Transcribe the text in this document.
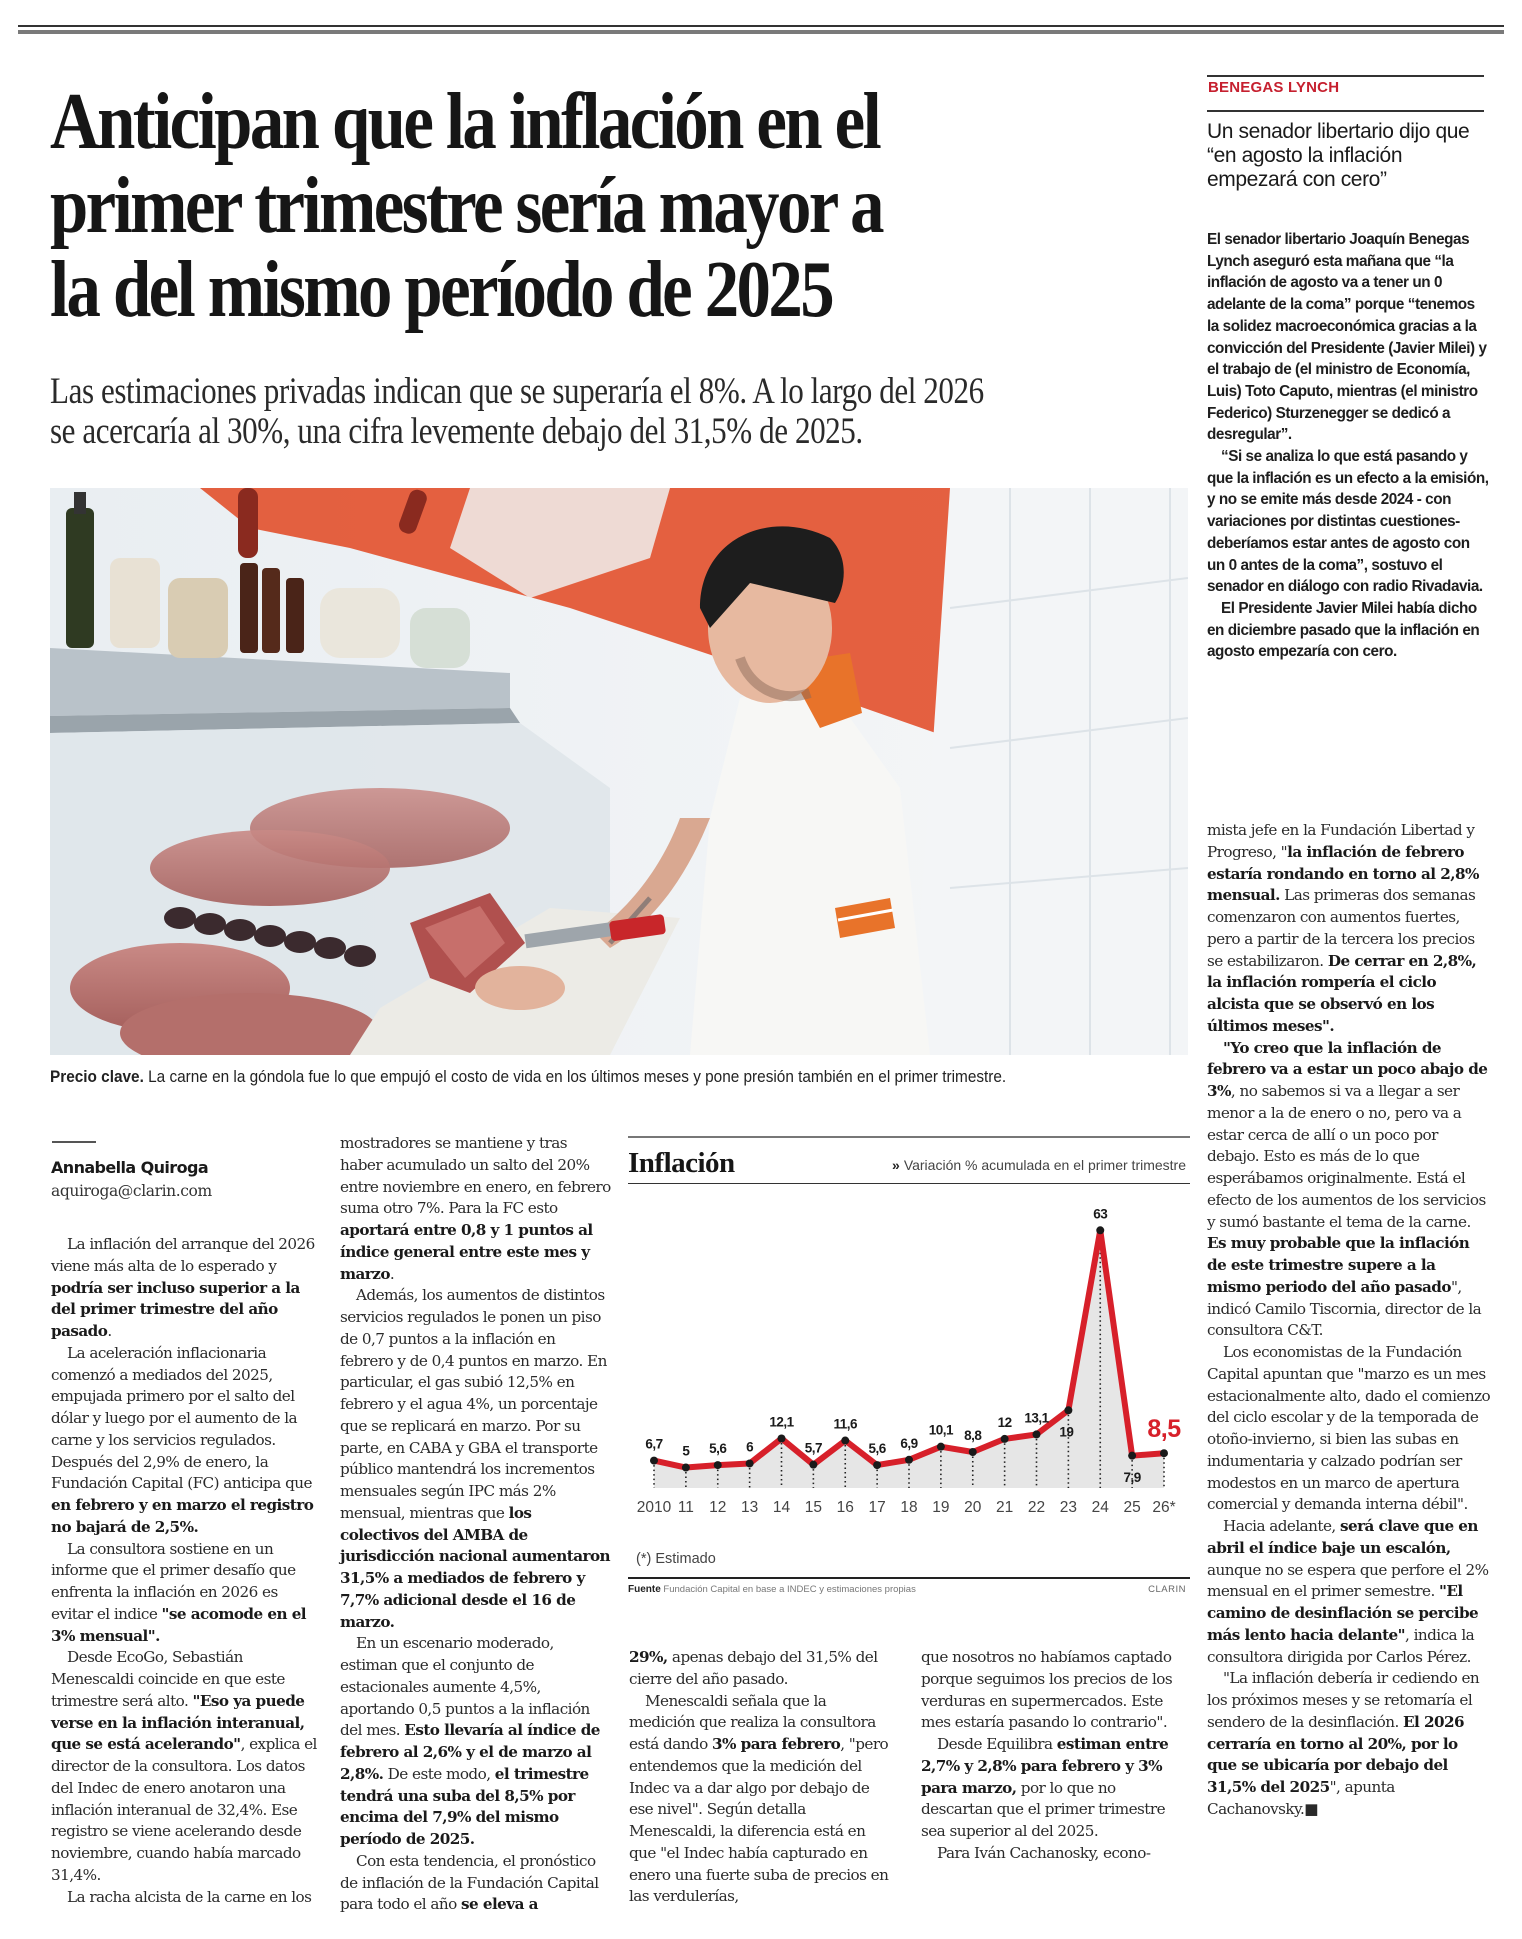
Anticipan que la inflación en el
primer trimestre sería mayor a
la del mismo período de 2025
Las estimaciones privadas indican que se superaría el 8%. A lo largo del 2026
se acercaría al 30%, una cifra levemente debajo del 31,5% de 2025.
Precio clave. La carne en la góndola fue lo que empujó el costo de vida en los últimos meses y pone presión también en el primer trimestre.
BENEGAS LYNCH
Un senador libertario dijo que “en agosto la inflación empezará con cero”

El senador libertario Joaquín Benegas Lynch aseguró esta mañana que “la inflación de agosto va a tener un 0 adelante de la coma” porque “tenemos la solidez macroeconómica gracias a la convicción del Presidente (Javier Milei) y el trabajo de (el ministro de Economía, Luis) Toto Caputo, mientras (el ministro Federico) Sturzenegger se dedicó a desregular”.

“Si se analiza lo que está pasando y que la inflación es un efecto a la emisión, y no se emite más desde 2024 - con variaciones por distintas cuestiones- deberíamos estar antes de agosto con un 0 antes de la coma”, sostuvo el senador en diálogo con radio Rivadavia.

El Presidente Javier Milei había dicho en diciembre pasado que la inflación en agosto empezaría con cero.

Annabella Quiroga
aquiroga@clarin.com

La inflación del arranque del 2026 viene más alta de lo esperado y podría ser incluso superior a la del primer trimestre del año pasado.

La aceleración inflacionaria comenzó a mediados del 2025, empujada primero por el salto del dólar y luego por el aumento de la carne y los servicios regulados. Después del 2,9% de enero, la Fundación Capital (FC) anticipa que en febrero y en marzo el registro no bajará de 2,5%.

La consultora sostiene en un informe que el primer desafío que enfrenta la inflación en 2026 es evitar el indice "se acomode en el 3% mensual".

Desde EcoGo, Sebastián Menescaldi coincide en que este trimestre será alto. "Eso ya puede verse en la inflación interanual, que se está acelerando", explica el director de la consultora. Los datos del Indec de enero anotaron una inflación interanual de 32,4%. Ese registro se viene acelerando desde noviembre, cuando había marcado 31,4%.

La racha alcista de la carne en los

mostradores se mantiene y tras haber acumulado un salto del 20% entre noviembre en enero, en febrero suma otro 7%. Para la FC esto aportará entre 0,8 y 1 puntos al índice general entre este mes y marzo.

Además, los aumentos de distintos servicios regulados le ponen un piso de 0,7 puntos a la inflación en febrero y de 0,4 puntos en marzo. En particular, el gas subió 12,5% en febrero y el agua 4%, un porcentaje que se replicará en marzo. Por su parte, en CABA y GBA el transporte público mantendrá los incrementos mensuales según IPC más 2% mensual, mientras que los colectivos del AMBA de jurisdicción nacional aumentaron 31,5% a mediados de febrero y 7,7% adicional desde el 16 de marzo.

En un escenario moderado, estiman que el conjunto de estacionales aumente 4,5%, aportando 0,5 puntos a la inflación del mes. Esto llevaría al índice de febrero al 2,6% y el de marzo al 2,8%. De este modo, el trimestre tendrá una suba del 8,5% por encima del 7,9% del mismo período de 2025.

Con esta tendencia, el pronóstico de inflación de la Fundación Capital para todo el año se eleva a

29%, apenas debajo del 31,5% del cierre del año pasado.

Menescaldi señala que la medición que realiza la consultora está dando 3% para febrero, "pero entendemos que la medición del Indec va a dar algo por debajo de ese nivel". Según detalla Menescaldi, la diferencia está en que "el Indec había capturado en enero una fuerte suba de precios en las verdulerías,

que nosotros no habíamos captado porque seguimos los precios de los verduras en supermercados. Este mes estaría pasando lo contrario".

Desde Equilibra estiman entre 2,7% y 2,8% para febrero y 3% para marzo, por lo que no descartan que el primer trimestre sea superior al del 2025.

Para Iván Cachanosky, econo-

mista jefe en la Fundación Libertad y Progreso, "la inflación de febrero estaría rondando en torno al 2,8% mensual. Las primeras dos semanas comenzaron con aumentos fuertes, pero a partir de la tercera los precios se estabilizaron. De cerrar en 2,8%, la inflación rompería el ciclo alcista que se observó en los últimos meses".

"Yo creo que la inflación de febrero va a estar un poco abajo de 3%, no sabemos si va a llegar a ser menor a la de enero o no, pero va a estar cerca de allí o un poco por debajo. Esto es más de lo que esperábamos originalmente. Está el efecto de los aumentos de los servicios y sumó bastante el tema de la carne. Es muy probable que la inflación de este trimestre supere a la mismo periodo del año pasado", indicó Camilo Tiscornia, director de la consultora C&T.

Los economistas de la Fundación Capital apuntan que "marzo es un mes estacionalmente alto, dado el comienzo del ciclo escolar y de la temporada de otoño-invierno, si bien las subas en indumentaria y calzado podrían ser modestos en un marco de apertura comercial y demanda interna débil".

Hacia adelante, será clave que en abril el índice baje un escalón, aunque no se espera que perfore el 2% mensual en el primer semestre. "El camino de desinflación se percibe más lento hacia delante", indica la consultora dirigida por Carlos Pérez.

"La inflación debería ir cediendo en los próximos meses y se retomaría el sendero de la desinflación. El 2026 cerraría en torno al 20%, por lo que se ubicaría por debajo del 31,5% del 2025", apunta Cachanovsky.■

Inflación	» Variación % acumulada en el primer trimestre
6,7 5 5,6 6
12,1
5,7
11,6
5,6 6,9
10,1 8,8
12 13,1
19
63
7,9
8,5
2010 11 12 13 14 15 16 17 18 19 20 21 22 23 24 25 26*
(*) Estimado
Fuente Fundación Capital en base a INDEC y estimaciones propias	CLARIN
